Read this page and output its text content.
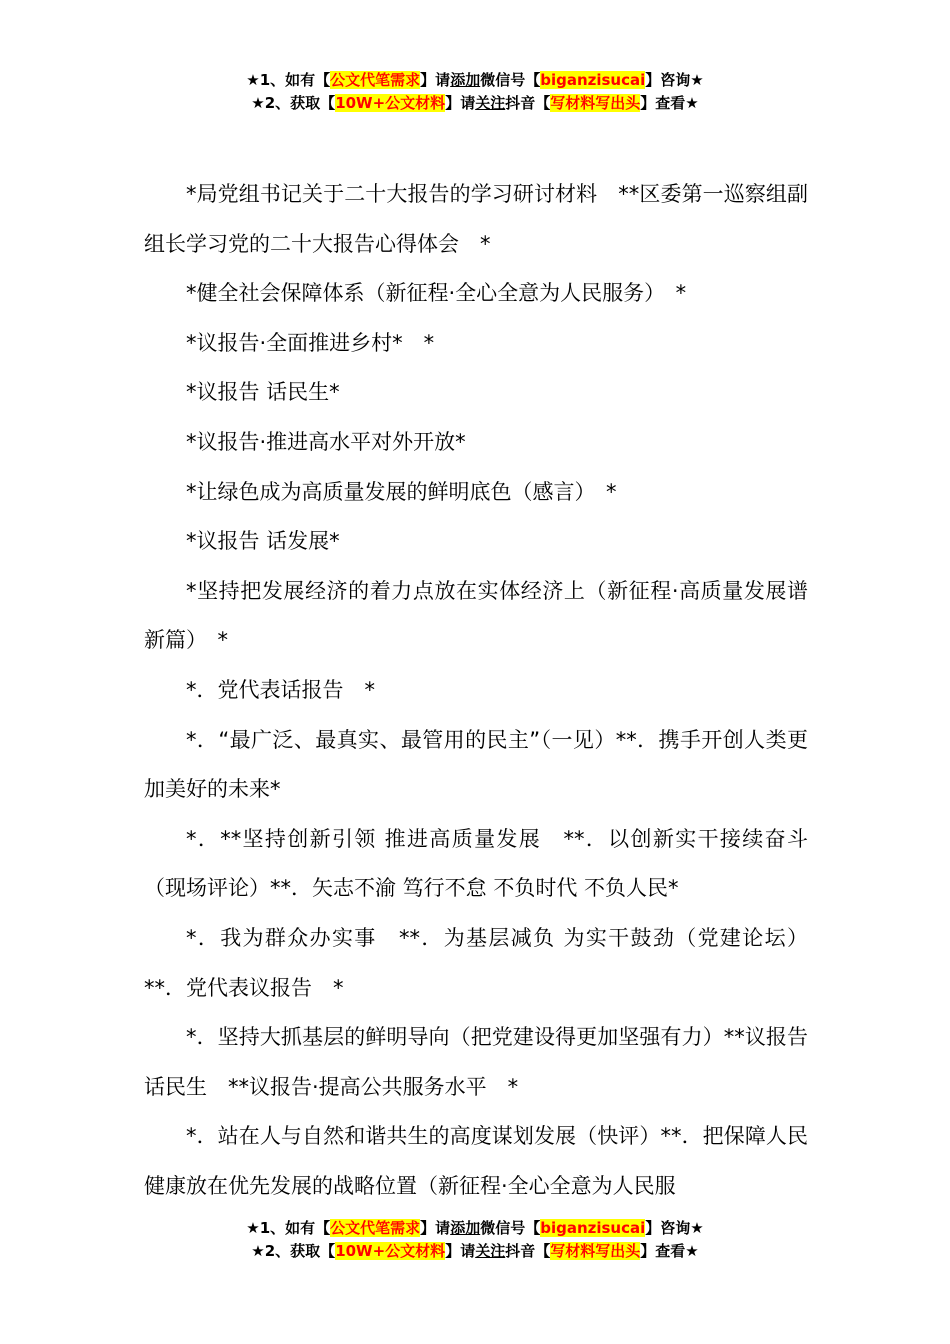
★1、如有【公文代笔需求】请添加微信号【biganzisucai】咨询★
★2、获取【10W+公文材料】请关注抖音【写材料写出头】查看★

*局党组书记关于二十大报告的学习研讨材料　**区委第一巡察组副组长学习党的二十大报告心得体会　*

*健全社会保障体系（新征程·全心全意为人民服务）　*

*议报告·全面推进乡村*　*

*议报告 话民生*

*议报告·推进高水平对外开放*

*让绿色成为高质量发展的鲜明底色（感言）　*

*议报告 话发展*

*坚持把发展经济的着力点放在实体经济上（新征程·高质量发展谱新篇）　*

*．党代表话报告　*

*．“最广泛、最真实、最管用的民主”（一见）**．携手开创人类更加美好的未来*

*．**坚持创新引领 推进高质量发展　**．以创新实干接续奋斗（现场评论）**．矢志不渝 笃行不怠 不负时代 不负人民*

*．我为群众办实事　**．为基层减负 为实干鼓劲（党建论坛）**．党代表议报告　*

*．坚持大抓基层的鲜明导向（把党建设得更加坚强有力）**议报告 话民生　**议报告·提高公共服务水平　*

*．站在人与自然和谐共生的高度谋划发展（快评）**．把保障人民健康放在优先发展的战略位置（新征程·全心全意为人民服

★1、如有【公文代笔需求】请添加微信号【biganzisucai】咨询★
★2、获取【10W+公文材料】请关注抖音【写材料写出头】查看★
